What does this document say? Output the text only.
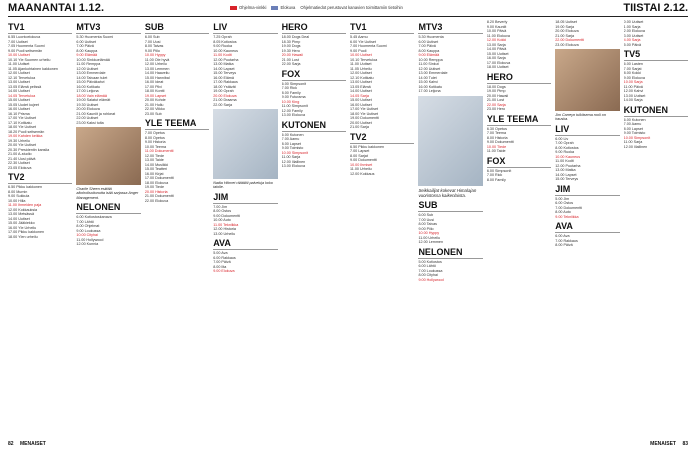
MAANANTAI 1.12.	Ohjelma-vinkki	Elokuva Ohjelmatiedot perustuvat kanavien toimittamiin tietoihin	TIISTAI 2.12.
TV1
6.55 Luontoelokuva
7.00 Uutiset
7.05 Huomenta Suomi
9.00 Puoli seitsemän
10.00 Uutiset
10.10 Yle Suomen urheilu
11.00 Uutiset
11.05 Ajankohtainen kakkonen
12.00 Uutiset
12.10 Tervetuloa
13.00 Uutiset
13.05 Elämä pelissä
14.00 Uutiset
14.05 Tervetuloa
15.00 Uutiset
15.05 Uudet kujeet
16.00 Uutiset
16.10 Prisma
17.00 Yle Uutiset
17.10 Kotikatu
18.00 Yle Uutiset
18.20 Puoli seitsemän
19.00 Kahden keikka
19.30 Urheilu
20.00 Yle Uutiset
20.30 Presidentin kanslia
21.00 A-studio
21.40 Uusi päivä
22.30 Uutiset
23.05 Elokuva
TV2
6.50 Pikku kakkonen
8.00 Mumin
9.00 Sukkula
10.00 Hilla
11.00 Ihmeiden paja
12.00 Kokkauksia
13.00 Metsässä
14.00 Uutiset
15.00 Jääkiekko
16.00 Yle Urheilu
17.00 Pikku kakkonen
18.00 Ylen urheilu
MTV3
5.30 Huomenta Suomi
6.00 Uutiset
7.00 Päivä
8.00 Kauppa
9.00 Elämää
10.00 Sinkkuelämää
11.00 Remppa
12.00 Uutiset
13.00 Emmerdale
14.00 Taivaan tulet
15.00 Päiväkahvi
16.00 Kotikatu
17.00 Leijona
18.00 Vain elämää
19.00 Salatut elämät
19.30 Uutiset
20.00 Elokuva
21.00 Kauniit ja rohkeat
22.00 Uutiset
23.00 Kaksi tulta
Charlie Sheen esittää alkoholisoitunutta isää sarjassa Anger Management.
NELONEN
6.00 Kotiostoskanava
7.00 Lähtö
8.00 Ohjelmat
9.00 Loukussa
10.00 Cityhai
11.00 Hollywood
12.00 Kunnia
SUB
6.00 Sub
7.00 Uusi
8.00 Taivas
9.00 Piilo
10.00 Hyppy
11.00 Ole hyvä
12.00 Urheilu
13.00 Lemmen
14.00 Haaveilu
15.00 Hannibal
16.00 Ideat
17.00 Pilvi
18.00 Kontti
19.00 Lapset
20.00 Kohde
21.00 Hullu
22.00 Viikko
23.00 Sub
YLE TEEMA
7.00 Opetus
8.00 Opetus
9.00 Historia
10.00 Teema
11.00 Dokumentti
12.00 Tiede
13.00 Taide
14.00 Musiikki
15.00 Teatteri
16.00 Kirjat
17.00 Dokumentti
18.00 Elokuva
19.00 Tiede
20.00 Historia
21.00 Dokumentti
22.00 Elokuva
LIV
7.25 Oprah
8.05 Kotiostos
9.00 Ruoka
10.00 Kauneus
11.00 Kodit
12.00 Puutarha
13.00 Matka
14.00 Lapset
15.00 Terveys
16.00 Elämä
17.00 Rakkaus
18.00 Ystävät
19.00 Oprah
20.00 Elokuva
21.00 Draama
22.00 Sarja
Nadia Hikmet räätälöi palveluja koko talolle.
JIM
7.00 Jim
8.00 Ostos
9.00 Dokumentti
10.00 Auto
11.00 Tekniikka
12.00 Historia
13.00 Urheilu
AVA
5.00 Ava
6.00 Rakkaus
7.00 Päivä
8.00 Ilta
9.00 Elokuva
HERO
18.00 Dogs Deal
18.30 Pimp
19.00 Dogs
19.30 Hero
20.00 Hawaii
21.00 Lost
22.00 Sarja
FOX
6.00 Simpsonit
7.00 Rick
8.00 Family
9.00 Futurama
10.00 King
11.00 Simpsonit
12.00 Family
13.00 Elokuva
KUTONEN
6.00 Kutonen
7.00 Aamu
8.00 Lapset
9.00 Toimisto
10.00 Simpsonit
11.00 Sarja
12.00 Illallinen
13.00 Elokuva
TV1
5.45 Aamu
6.00 Yle Uutiset
7.00 Huomenta Suomi
9.00 Puoli
10.00 Uutiset
10.10 Tervetuloa
11.00 Uutiset
11.05 Urheilu
12.00 Uutiset
12.10 Kotikatu
13.00 Uutiset
13.05 Elämä
14.00 Uutiset
14.05 Sarja
15.00 Uutiset
16.00 Uutiset
17.00 Yle Uutiset
18.00 Yle Uutiset
19.00 Dokumentti
20.00 Uutiset
21.00 Sarja
TV2
6.50 Pikku kakkonen
7.00 Lapset
8.00 Sarjat
9.00 Dokumentti
10.00 Ihmiset
11.00 Urheilu
12.00 Kokkaus
MTV3
5.30 Huomenta
6.00 Uutiset
7.00 Päivä
8.00 Kauppa
9.00 Elämää
10.00 Remppa
11.00 Sinkut
12.00 Uutiset
13.00 Emmerdale
14.00 Tulet
15.00 Kahvi
16.00 Kotikatu
17.00 Leijona
Seikkailijat kokevat Himalajan vuoristossa kaikenlaista.
SUB
6.00 Sub
7.00 Uusi
8.00 Taivas
9.00 Piilo
10.00 Hyppy
11.00 Urheilu
12.00 Lemmen
NELONEN
5.00 Kotiostos
6.00 Lähtö
7.00 Loukussa
8.00 Cityhai
9.00 Hollywood
8.20 Beverly
9.00 Kauniit
10.00 Päivä
11.00 Elokuva
12.00 Kokki
13.00 Sarja
14.00 Päivä
15.00 Uutiset
16.00 Sarja
17.00 Elokuva
18.00 Uutiset
HERO
18.00 Dogs
19.00 Pimp
20.00 Hawaii
21.00 Lost
22.00 Sarja
23.00 Hero
YLE TEEMA
6.30 Opetus
7.00 Teema
8.00 Historia
9.00 Dokumentti
10.00 Tiede
11.00 Taide
FOX
6.00 Simpsonit
7.00 Rick
8.00 Family
18.05 Uutiset
19.00 Sarja
20.00 Elokuva
21.00 Sarja
22.00 Dokumentti
23.00 Elokuva
Jim Carreyn tulkitsema rooli on hauska.
LIV
6.00 Liv
7.00 Oprah
8.00 Kotiostos
9.00 Ruoka
10.00 Kauneus
11.00 Kodit
12.00 Puutarha
13.00 Matka
14.00 Lapset
15.00 Terveys
JIM
5.00 Jim
6.00 Ostos
7.00 Dokumentti
8.00 Auto
9.00 Tekniikka
AVA
6.00 Ava
7.00 Rakkaus
8.00 Päivä
0.00 Uutiset
1.00 Sarja
2.00 Elokuva
3.00 Uutiset
4.00 Sarja
5.00 Päivä
TV5
6.00 Lasten
7.00 Sarjat
8.00 Kokki
9.00 Elokuva
10.00 Sarja
11.00 Päivä
12.00 Kahvi
13.00 Uutiset
14.00 Sarja
KUTONEN
6.00 Kutonen
7.00 Aamu
8.00 Lapset
9.00 Toimisto
10.00 Simpsonit
11.00 Sarja
12.00 Illallinen
82 MENAISET	MENAISET 83
